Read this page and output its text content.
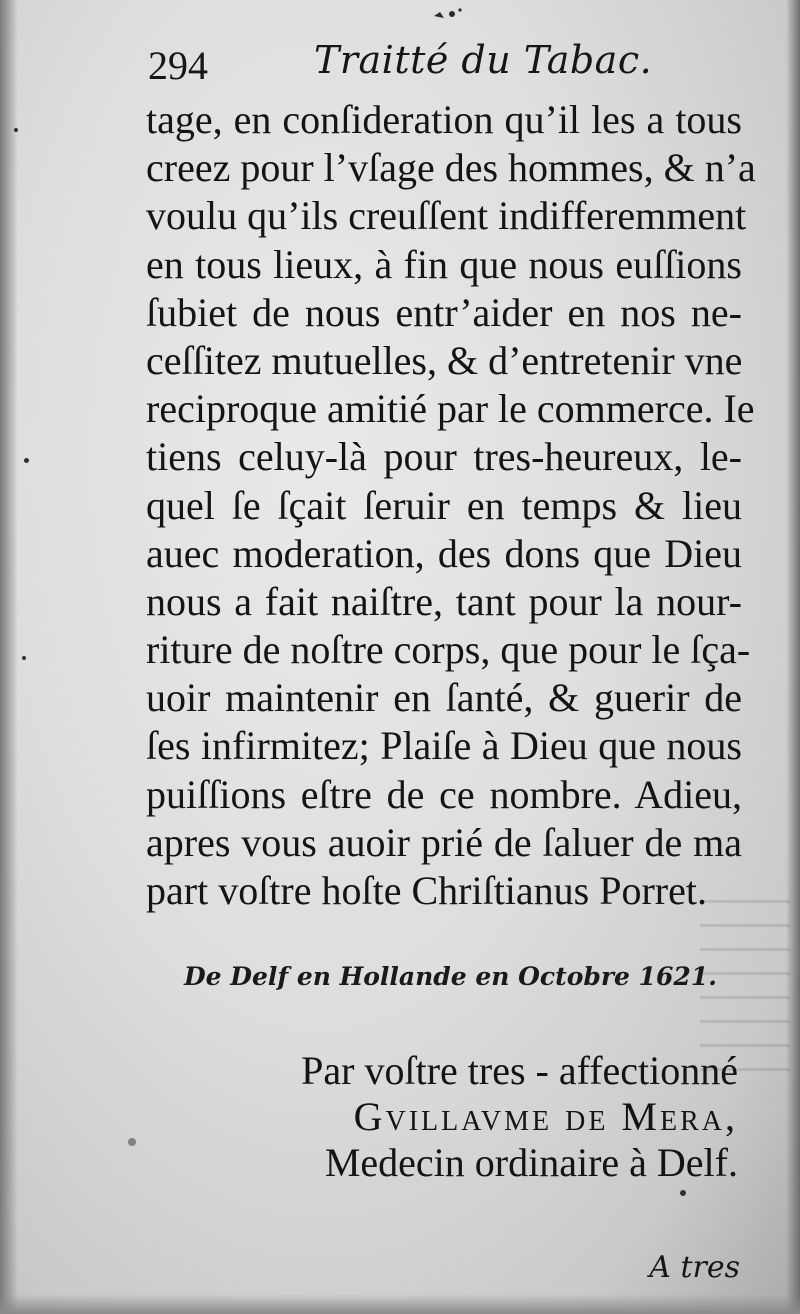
294	Traitté du Tabac.
tage, en conſideration qu’il les a tous
creez pour l’vſage des hommes, & n’a
voulu qu’ils creuſſent indifferemment
en tous lieux, à fin que nous euſſions
ſubiet de nous entr’aider en nos ne-
ceſſitez mutuelles, & d’entretenir vne
reciproque amitié par le commerce. Ie
tiens celuy-là pour tres-heureux, le-
quel ſe ſçait ſeruir en temps & lieu
auec moderation, des dons que Dieu
nous a fait naiſtre, tant pour la nour-
riture de noſtre corps, que pour le ſça-
uoir maintenir en ſanté, & guerir de
ſes infirmitez; Plaiſe à Dieu que nous
puiſſions eſtre de ce nombre. Adieu,
apres vous auoir prié de ſaluer de ma
part voſtre hoſte Chriſtianus Porret.
De Delf en Hollande en Octobre 1621.
Par voſtre tres - affectionné
Gvillavme de Mera,
Medecin ordinaire à Delf.
A tres
